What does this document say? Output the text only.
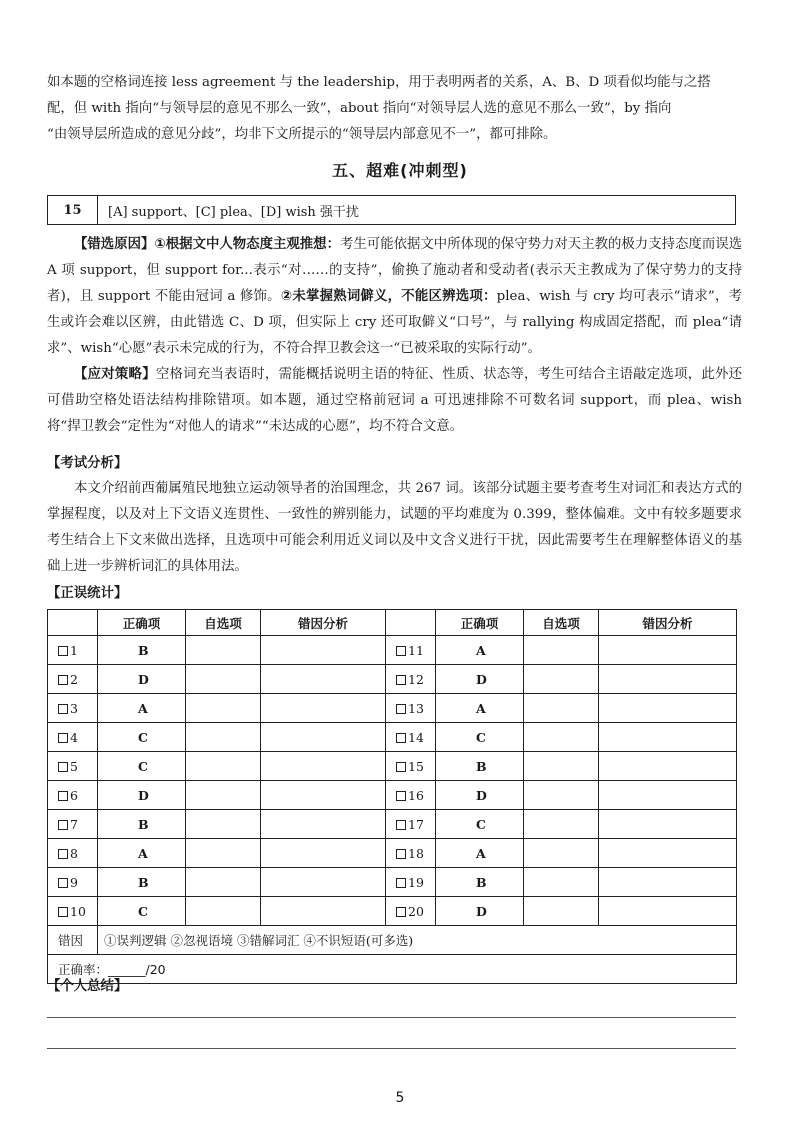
如本题的空格词连接 less agreement 与 the leadership，用于表明两者的关系，A、B、D 项看似均能与之搭
配，但 with 指向“与领导层的意见不那么一致”，about 指向“对领导层人选的意见不那么一致”，by 指向
“由领导层所造成的意见分歧”，均非下文所提示的“领导层内部意见不一”，都可排除。
五、超难(冲刺型)
15	[A] support、[C] plea、[D] wish 强干扰
【错选原因】①根据文中人物态度主观推想：考生可能依据文中所体现的保守势力对天主教的极力支持态度而误选 A 项 support，但 support for...表示“对……的支持”，偷换了施动者和受动者(表示天主教成为了保守势力的支持者)，且 support 不能由冠词 a 修饰。②未掌握熟词僻义，不能区辨选项：plea、wish 与 cry 均可表示“请求”，考生或许会难以区辨，由此错选 C、D 项，但实际上 cry 还可取僻义“口号”，与 rallying 构成固定搭配，而 plea“请求”、wish“心愿”表示未完成的行为，不符合捍卫教会这一“已被采取的实际行动”。
【应对策略】空格词充当表语时，需能概括说明主语的特征、性质、状态等，考生可结合主语敲定选项，此外还可借助空格处语法结构排除错项。如本题，通过空格前冠词 a 可迅速排除不可数名词 support，而 plea、wish 将“捍卫教会”定性为“对他人的请求”“未达成的心愿”，均不符合文意。
【考试分析】
本文介绍前西葡属殖民地独立运动领导者的治国理念，共 267 词。该部分试题主要考查考生对词汇和表达方式的掌握程度，以及对上下文语义连贯性、一致性的辨别能力，试题的平均难度为 0.399，整体偏难。文中有较多题要求考生结合上下文来做出选择，且选项中可能会利用近义词以及中文含义进行干扰，因此需要考生在理解整体语义的基础上进一步辨析词汇的具体用法。
【正误统计】
	正确项	自选项	错因分析		正确项	自选项	错因分析
1	B			11	A		
2	D			12	D		
3	A			13	A		
4	C			14	C		
5	C			15	B		
6	D			16	D		
7	B			17	C		
8	A			18	A		
9	B			19	B		
10	C			20	D		
错因	①误判逻辑 ②忽视语境 ③错解词汇 ④不识短语(可多选)						
正确率：______/20							
【个人总结】
5
